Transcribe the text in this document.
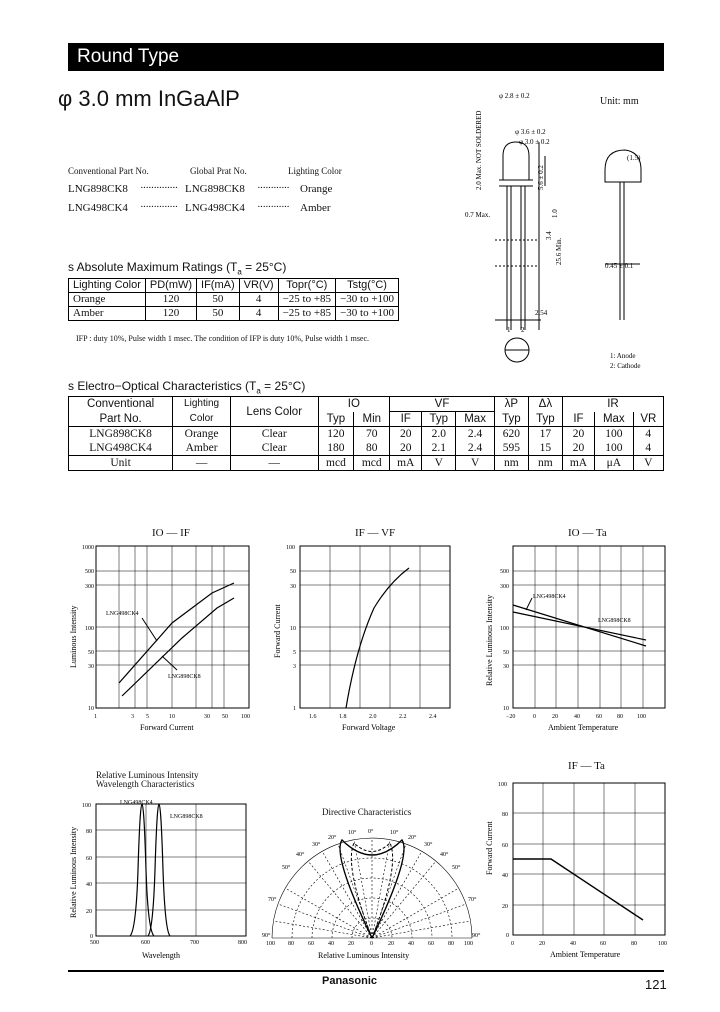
Round Type
φ 3.0 mm InGaAlP
Conventional Part No.	Global Prat No.	Lighting Color
LNG898CK8 ·············· LNG898CK8 ············ Orange
LNG498CK4 ·············· LNG498CK4 ············ Amber
s Absolute Maximum Ratings $(T_a = 25^\circ C)$
Lighting Color	PD(mW)	IF(mA)	VR(V)	Topr(°C)	Tstg(°C)
Orange	120	50	4	−25 to +85	−30 to +100
Amber	120	50	4	−25 to +85	−30 to +100
IFP : duty 10%, Pulse width 1 msec. The condition of IFP is duty 10%, Pulse width 1 msec.
s Electro−Optical Characteristics $(T_a = 25^\circ C)$
Conventional	Lighting	Lens Color	IO		VF			λP	Δλ	IR		
Part No.	Color		Typ	Min	IF	Typ	Max	Typ	Typ	IF	Max	VR
LNG898CK8	Orange	Clear	120	70	20	2.0	2.4	620	17	20	100	4
LNG498CK4	Amber	Clear	180	80	20	2.1	2.4	595	15	20	100	4
Unit	—	—	mcd	mcd	mA	V	V	nm	nm	mA	μA	V
Unit: mm
φ 2.8 ± 0.2
φ 3.6 ± 0.2
φ 3.0 ± 0.2
(1.5)
0.7 Max.
0.45 ± 0.1
2.54
1 2
1: Anode
2: Cathode
2.0 Max. NOT SOLDERED
3.4
1.0
5.6 ± 0.2
25.6 Min.
IO — IF
LNG498CK4
LNG898CK8
1000
500
300
100
50
30
10
1	3 5	10	30 50 100
Forward Current
Luminous Intensity
IF — VF
100
50
30
10
5
3
1
1.6	1.8	2.0	2.2	2.4
Forward Voltage
Forward Current
IO — Ta
LNG498CK4
LNG898CK8
500
300
100
50
30
10
−20	0	20	40	60	80 100
Ambient Temperature
Relative Luminous Intensity
Relative Luminous Intensity
Wavelength Characteristics
LNG498CK4
LNG898CK8
100
80
60
40
20
0
500	600	700	800
Wavelength
Relative Luminous Intensity
Directive Characteristics
0°
10°	10°
20°	20°
30°	30°
40°	40°
50°	50°
70°	70°
90°	90°
100 80 60 40 20	0	20 40 60 80 100
Relative Luminous Intensity
IF — Ta
100
80
60
40
20
0
0	20	40	60	80	100
Ambient Temperature
Forward Current
Panasonic	121
